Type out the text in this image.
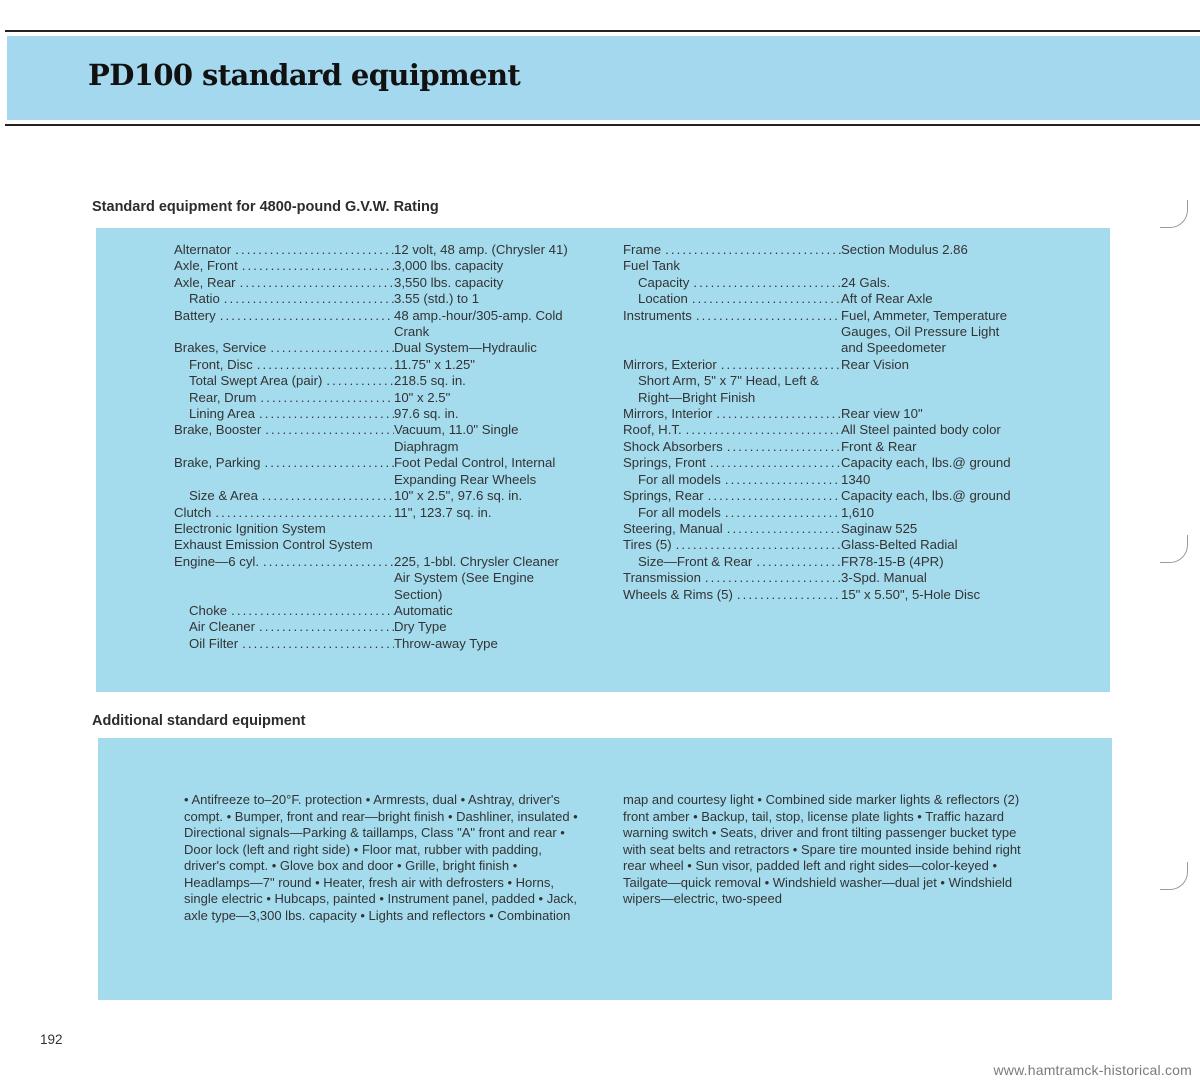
PD100 standard equipment
Standard equipment for 4800-pound G.V.W. Rating
Alternator .....	12 volt, 48 amp. (Chrysler 41)
Axle, Front .....	3,000 lbs. capacity
Axle, Rear .....	3,550 lbs. capacity
Ratio .....	3.55 (std.) to 1
Battery .....	48 amp.-hour/305-amp. Cold Crank
Brakes, Service .....	Dual System—Hydraulic
Front, Disc .....	11.75" x 1.25"
Total Swept Area (pair) .....	218.5 sq. in.
Rear, Drum .....	10" x 2.5"
Lining Area .....	97.6 sq. in.
Brake, Booster .....	Vacuum, 11.0" Single Diaphragm
Brake, Parking .....	Foot Pedal Control, Internal Expanding Rear Wheels
Size & Area .....	10" x 2.5", 97.6 sq. in.
Clutch .....	11", 123.7 sq. in.
Electronic Ignition System
Exhaust Emission Control System
Engine—6 cyl. .....	225, 1-bbl. Chrysler Cleaner Air System (See Engine Section)
Choke .....	Automatic
Air Cleaner .....	Dry Type
Oil Filter .....	Throw-away Type
Frame .....	Section Modulus 2.86
Fuel Tank
Capacity .....	24 Gals.
Location .....	Aft of Rear Axle
Instruments .....	Fuel, Ammeter, Temperature Gauges, Oil Pressure Light and Speedometer
Mirrors, Exterior .....	Rear Vision
Short Arm, 5" x 7" Head, Left & Right—Bright Finish
Mirrors, Interior .....	Rear view 10"
Roof, H.T. .....	All Steel painted body color
Shock Absorbers .....	Front & Rear
Springs, Front .....	Capacity each, lbs.@ ground
For all models .....	1340
Springs, Rear .....	Capacity each, lbs.@ ground
For all models .....	1,610
Steering, Manual .....	Saginaw 525
Tires (5) .....	Glass-Belted Radial
Size—Front & Rear .....	FR78-15-B (4PR)
Transmission .....	3-Spd. Manual
Wheels & Rims (5) .....	15" x 5.50", 5-Hole Disc
Additional standard equipment

• Antifreeze to–20°F. protection • Armrests, dual • Ashtray, driver's compt. • Bumper, front and rear—bright finish • Dashliner, insulated • Directional signals—Parking & taillamps, Class "A" front and rear • Door lock (left and right side) • Floor mat, rubber with padding, driver's compt. • Glove box and door • Grille, bright finish • Headlamps—7" round • Heater, fresh air with defrosters • Horns, single electric • Hubcaps, painted • Instrument panel, padded • Jack, axle type—3,300 lbs. capacity • Lights and reflectors • Combination

map and courtesy light • Combined side marker lights & reflectors (2) front amber • Backup, tail, stop, license plate lights • Traffic hazard warning switch • Seats, driver and front tilting passenger bucket type with seat belts and retractors • Spare tire mounted inside behind right rear wheel • Sun visor, padded left and right sides—color-keyed • Tailgate—quick removal • Windshield washer—dual jet • Windshield wipers—electric, two-speed

192

www.hamtramck-historical.com
